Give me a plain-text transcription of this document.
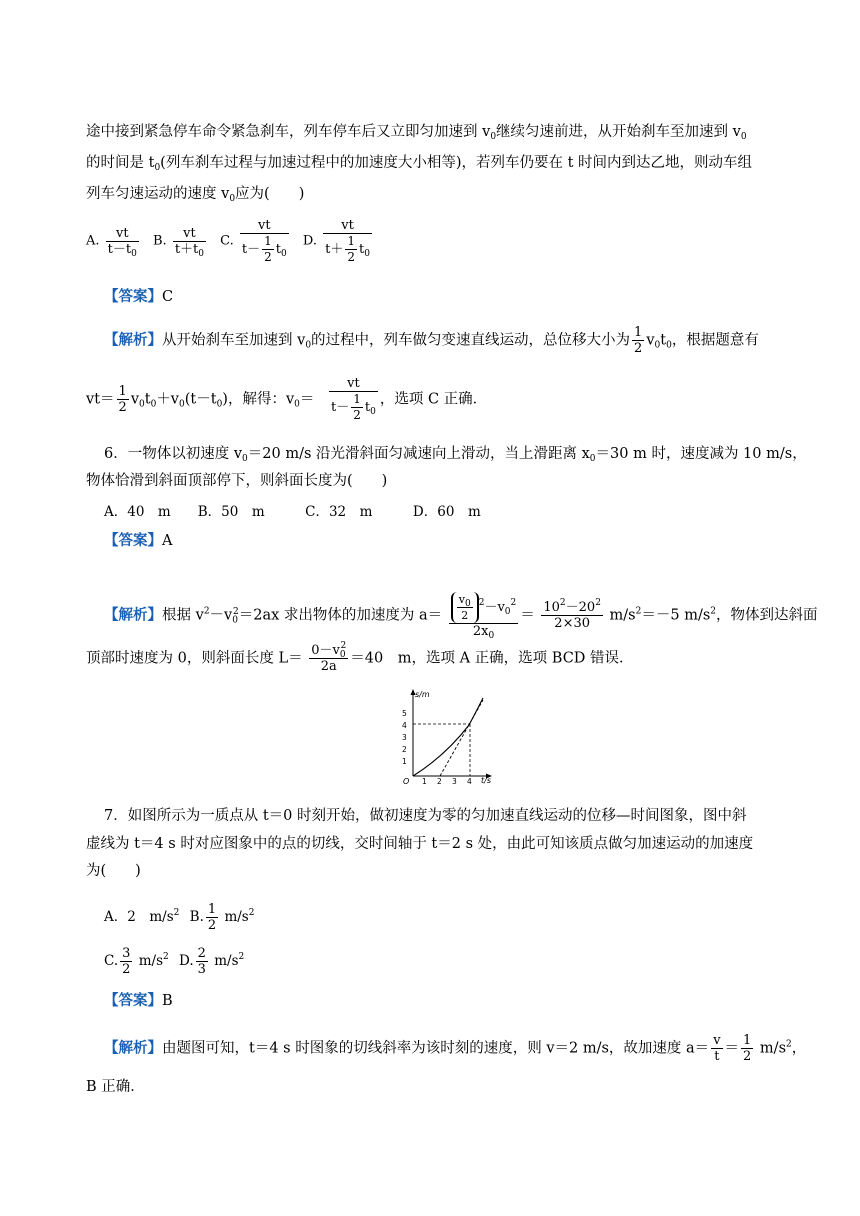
途中接到紧急停车命令紧急刹车，列车停车后又立即匀加速到 $v_0$继续匀速前进，从开始刹车至加速到 $v_0$
的时间是 $t_0$(列车刹车过程与加速过程中的加速度大小相等)，若列车仍要在 t 时间内到达乙地，则动车组
列车匀速运动的速度 $v_0$应为(　　)
A. $\frac{vt}{t-t_0} B$. $\frac{vt}{t+t_0} C$. $\frac{vt}{t- \frac{1}{2} t_0} D$. $\frac{vt}{t+ \frac{1}{2} t_0}$
【答案】C
【解析】从开始刹车至加速到 $v_0$的过程中，列车做匀变速直线运动，总位移大小为 $\frac{1}{2} v_0t_0$，根据题意有
$vt= \frac{1}{2} v_0t_0+v_0(t-t_0)$，解得：$v_0= \frac{vt}{t- \frac{1}{2} t_0}$ ，选项 C 正确．
6．一物体以初速度 $v_0=20$ m/s 沿光滑斜面匀减速向上滑动，当上滑距离 $x_0=30$ m 时，速度减为 10 m/s，
物体恰滑到斜面顶部停下，则斜面长度为(　　)
A．40　m　　B．50　m　　　C．32　m　　　D．60　m
【答案】A
【解析】根据 $v^2-v_0^2=2ax$ 求出物体的加速度为 $a= \frac{\frac{v_0}{2} ^2-v_0^2}{2x_0} = \frac{10^2-20^2}{2\times 30} m/s^2=-5$ $m/s^2$，物体到达斜面
顶部时速度为 0，则斜面长度 $L= \frac{0-v_0^2}{2a} =40$　m，选项 A 正确，选项 BCD 错误．
s/m
t/s
O
1
2
3
4
5
1 2 3 4
7．如图所示为一质点从 t＝0 时刻开始，做初速度为零的匀加速直线运动的位移—时间图象，图中斜
虚线为 t＝4 s 时对应图象中的点的切线，交时间轴于 t＝2 s 处，由此可知该质点做匀加速运动的加速度
为(　　)
A．2　$m/s^2$ B. $\frac{1}{2} m/s^2$
C. $\frac{3}{2} m/s^2$ D. $\frac{2}{3} m/s^2$
【答案】B
【解析】由题图可知，t＝4 s 时图象的切线斜率为该时刻的速度，则 v＝2 m/s，故加速度 $a= \frac{v}{t} = \frac{1}{2} m/s^2$，
B 正确．
